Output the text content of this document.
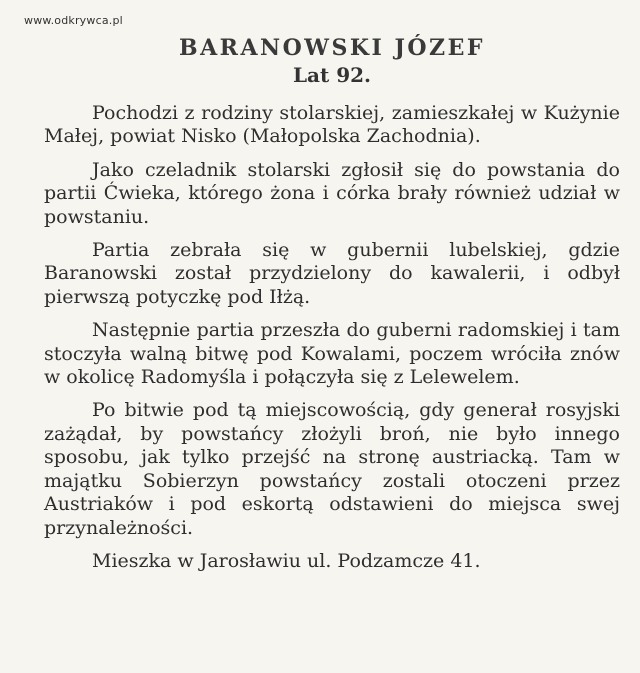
www.odkrywca.pl
BARANOWSKI JÓZEF

Lat 92.

Pochodzi z rodziny stolarskiej, zamieszkałej w Kużynie Małej, powiat Nisko (Małopolska Zachodnia).

Jako czeladnik stolarski zgłosił się do powstania do partii Ćwieka, którego żona i córka brały również udział w powstaniu.

Partia zebrała się w gubernii lubelskiej, gdzie Baranowski został przydzielony do kawalerii, i odbył pierwszą potyczkę pod Iłżą.

Następnie partia przeszła do guberni radomskiej i tam stoczyła walną bitwę pod Kowalami, poczem wróciła znów w okolicę Radomyśla i połączyła się z Lelewelem.

Po bitwie pod tą miejscowością, gdy generał rosyjski zażądał, by powstańcy złożyli broń, nie było innego sposobu, jak tylko przejść na stronę austriacką. Tam w majątku Sobierzyn powstańcy zostali otoczeni przez Austriaków i pod eskortą odstawieni do miejsca swej przynależności.

Mieszka w Jarosławiu ul. Podzamcze 41.
